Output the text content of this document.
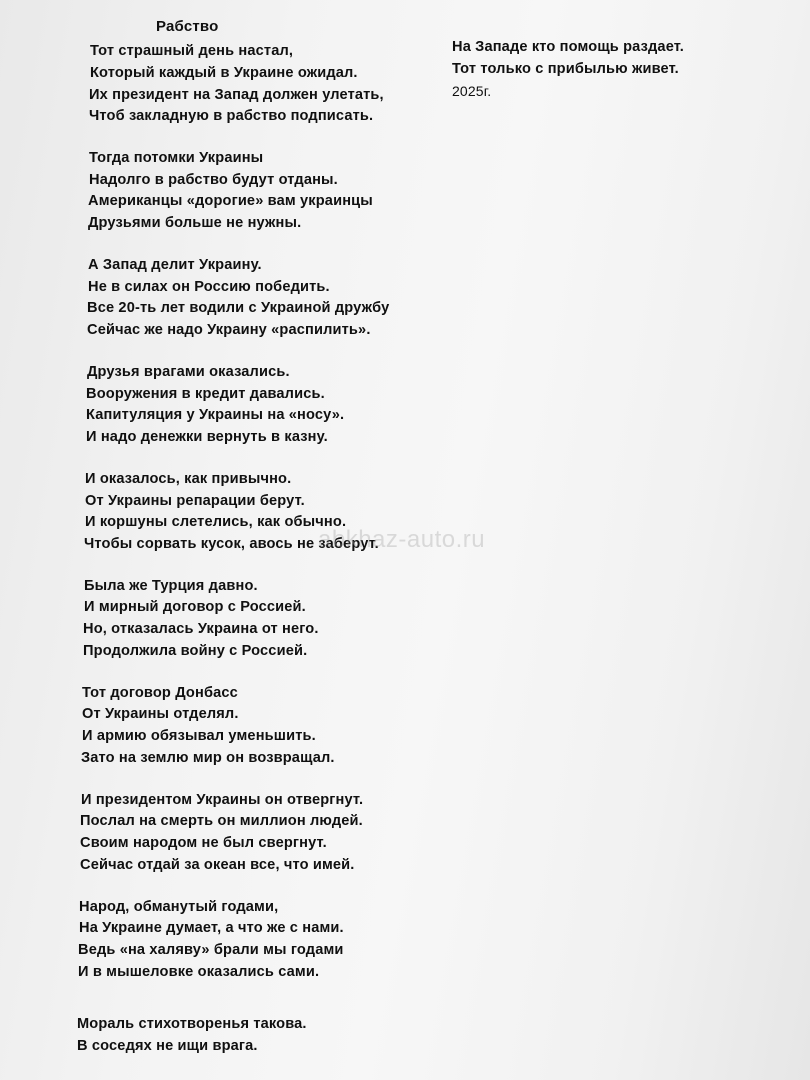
Рабство
Тот страшный день настал,
Который каждый в Украине ожидал.
Их президент на Запад должен улетать,
Чтоб закладную в рабство подписать.
Тогда потомки Украины
Надолго в рабство будут отданы.
Американцы «дорогие» вам украинцы
Друзьями больше не нужны.
А Запад делит Украину.
Не в силах он Россию победить.
Все 20-ть лет водили с Украиной дружбу
Сейчас же надо Украину «распилить».
Друзья врагами оказались.
Вооружения в кредит давались.
Капитуляция у Украины на «носу».
И надо денежки вернуть в казну.
И оказалось, как привычно.
От Украины репарации берут.
И коршуны слетелись, как обычно.
Чтобы сорвать кусок, авось не заберут.
Была же Турция давно.
И мирный договор с Россией.
Но, отказалась Украина от него.
Продолжила войну с Россией.
Тот договор Донбасс
От Украины отделял.
И армию обязывал уменьшить.
Зато на землю мир он возвращал.
И президентом Украины он отвергнут.
Послал на смерть он миллион людей.
Своим народом не был свергнут.
Сейчас отдай за океан все, что имей.
Народ, обманутый годами,
На Украине думает, а что же с нами.
Ведь «на халяву» брали мы годами
И в мышеловке оказались сами.
Мораль стихотворенья такова.
В соседях не ищи врага.
На Западе кто помощь раздает.
Тот только с прибылью живет.
2025г.
abkhaz-auto.ru
